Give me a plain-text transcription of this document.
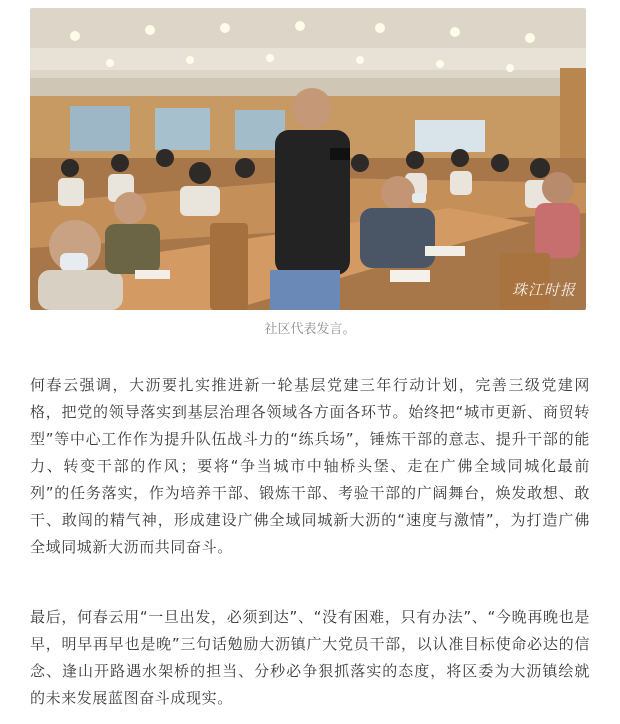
珠江时报
社区代表发言。

何春云强调，大沥要扎实推进新一轮基层党建三年行动计划，完善三级党建网格，把党的领导落实到基层治理各领域各方面各环节。始终把“城市更新、商贸转型”等中心工作作为提升队伍战斗力的“练兵场”，锤炼干部的意志、提升干部的能力、转变干部的作风；要将“争当城市中轴桥头堡、走在广佛全域同城化最前列”的任务落实，作为培养干部、锻炼干部、考验干部的广阔舞台，焕发敢想、敢干、敢闯的精气神，形成建设广佛全域同城新大沥的“速度与激情”，为打造广佛全域同城新大沥而共同奋斗。

最后，何春云用“一旦出发，必须到达”、“没有困难，只有办法”、“今晚再晚也是早，明早再早也是晚”三句话勉励大沥镇广大党员干部，以认准目标使命必达的信念、逢山开路遇水架桥的担当、分秒必争狠抓落实的态度，将区委为大沥镇绘就的未来发展蓝图奋斗成现实。
